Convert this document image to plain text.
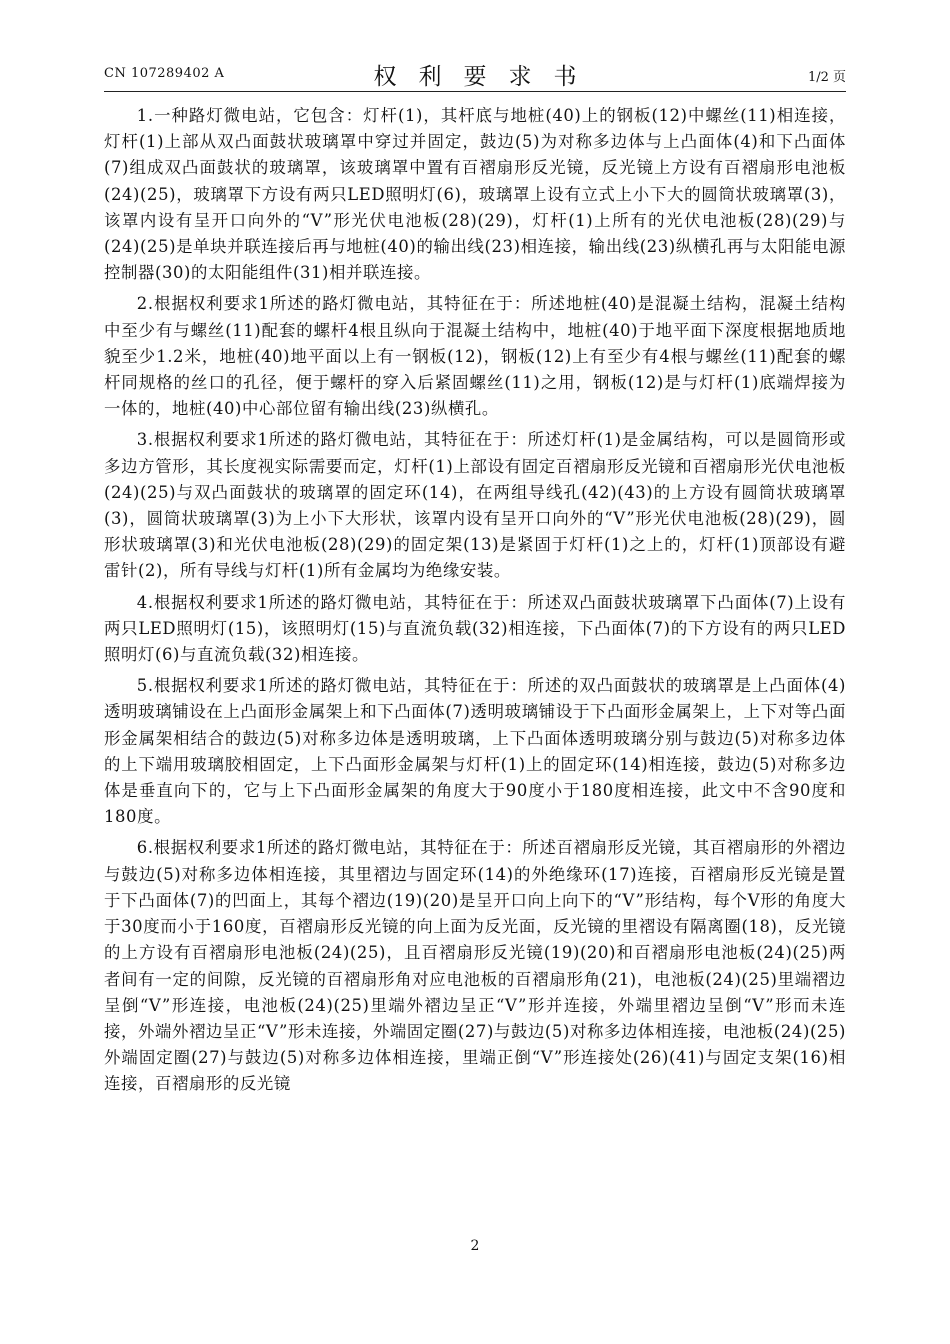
CN 107289402 A	权利要求书	1/2 页

1.一种路灯微电站，它包含：灯杆(1)，其杆底与地桩(40)上的钢板(12)中螺丝(11)相连接，灯杆(1)上部从双凸面鼓状玻璃罩中穿过并固定，鼓边(5)为对称多边体与上凸面体(4)和下凸面体(7)组成双凸面鼓状的玻璃罩，该玻璃罩中置有百褶扇形反光镜，反光镜上方设有百褶扇形电池板(24)(25)，玻璃罩下方设有两只LED照明灯(6)，玻璃罩上设有立式上小下大的圆筒状玻璃罩(3)，该罩内设有呈开口向外的“V”形光伏电池板(28)(29)，灯杆(1)上所有的光伏电池板(28)(29)与(24)(25)是单块并联连接后再与地桩(40)的输出线(23)相连接，输出线(23)纵横孔再与太阳能电源控制器(30)的太阳能组件(31)相并联连接。

2.根据权利要求1所述的路灯微电站，其特征在于：所述地桩(40)是混凝土结构，混凝土结构中至少有与螺丝(11)配套的螺杆4根且纵向于混凝土结构中，地桩(40)于地平面下深度根据地质地貌至少1.2米，地桩(40)地平面以上有一钢板(12)，钢板(12)上有至少有4根与螺丝(11)配套的螺杆同规格的丝口的孔径，便于螺杆的穿入后紧固螺丝(11)之用，钢板(12)是与灯杆(1)底端焊接为一体的，地桩(40)中心部位留有输出线(23)纵横孔。

3.根据权利要求1所述的路灯微电站，其特征在于：所述灯杆(1)是金属结构，可以是圆筒形或多边方管形，其长度视实际需要而定，灯杆(1)上部设有固定百褶扇形反光镜和百褶扇形光伏电池板(24)(25)与双凸面鼓状的玻璃罩的固定环(14)，在两组导线孔(42)(43)的上方设有圆筒状玻璃罩(3)，圆筒状玻璃罩(3)为上小下大形状，该罩内设有呈开口向外的“V”形光伏电池板(28)(29)，圆形状玻璃罩(3)和光伏电池板(28)(29)的固定架(13)是紧固于灯杆(1)之上的，灯杆(1)顶部设有避雷针(2)，所有导线与灯杆(1)所有金属均为绝缘安装。

4.根据权利要求1所述的路灯微电站，其特征在于：所述双凸面鼓状玻璃罩下凸面体(7)上设有两只LED照明灯(15)，该照明灯(15)与直流负载(32)相连接，下凸面体(7)的下方设有的两只LED照明灯(6)与直流负载(32)相连接。

5.根据权利要求1所述的路灯微电站，其特征在于：所述的双凸面鼓状的玻璃罩是上凸面体(4)透明玻璃铺设在上凸面形金属架上和下凸面体(7)透明玻璃铺设于下凸面形金属架上，上下对等凸面形金属架相结合的鼓边(5)对称多边体是透明玻璃，上下凸面体透明玻璃分别与鼓边(5)对称多边体的上下端用玻璃胶相固定，上下凸面形金属架与灯杆(1)上的固定环(14)相连接，鼓边(5)对称多边体是垂直向下的，它与上下凸面形金属架的角度大于90度小于180度相连接，此文中不含90度和180度。

6.根据权利要求1所述的路灯微电站，其特征在于：所述百褶扇形反光镜，其百褶扇形的外褶边与鼓边(5)对称多边体相连接，其里褶边与固定环(14)的外绝缘环(17)连接，百褶扇形反光镜是置于下凸面体(7)的凹面上，其每个褶边(19)(20)是呈开口向上向下的“V”形结构，每个V形的角度大于30度而小于160度，百褶扇形反光镜的向上面为反光面，反光镜的里褶设有隔离圈(18)，反光镜的上方设有百褶扇形电池板(24)(25)，且百褶扇形反光镜(19)(20)和百褶扇形电池板(24)(25)两者间有一定的间隙，反光镜的百褶扇形角对应电池板的百褶扇形角(21)，电池板(24)(25)里端褶边呈倒“V”形连接，电池板(24)(25)里端外褶边呈正“V”形并连接，外端里褶边呈倒“V”形而未连接，外端外褶边呈正“V”形未连接，外端固定圈(27)与鼓边(5)对称多边体相连接，电池板(24)(25)外端固定圈(27)与鼓边(5)对称多边体相连接，里端正倒“V”形连接处(26)(41)与固定支架(16)相连接，百褶扇形的反光镜

2
